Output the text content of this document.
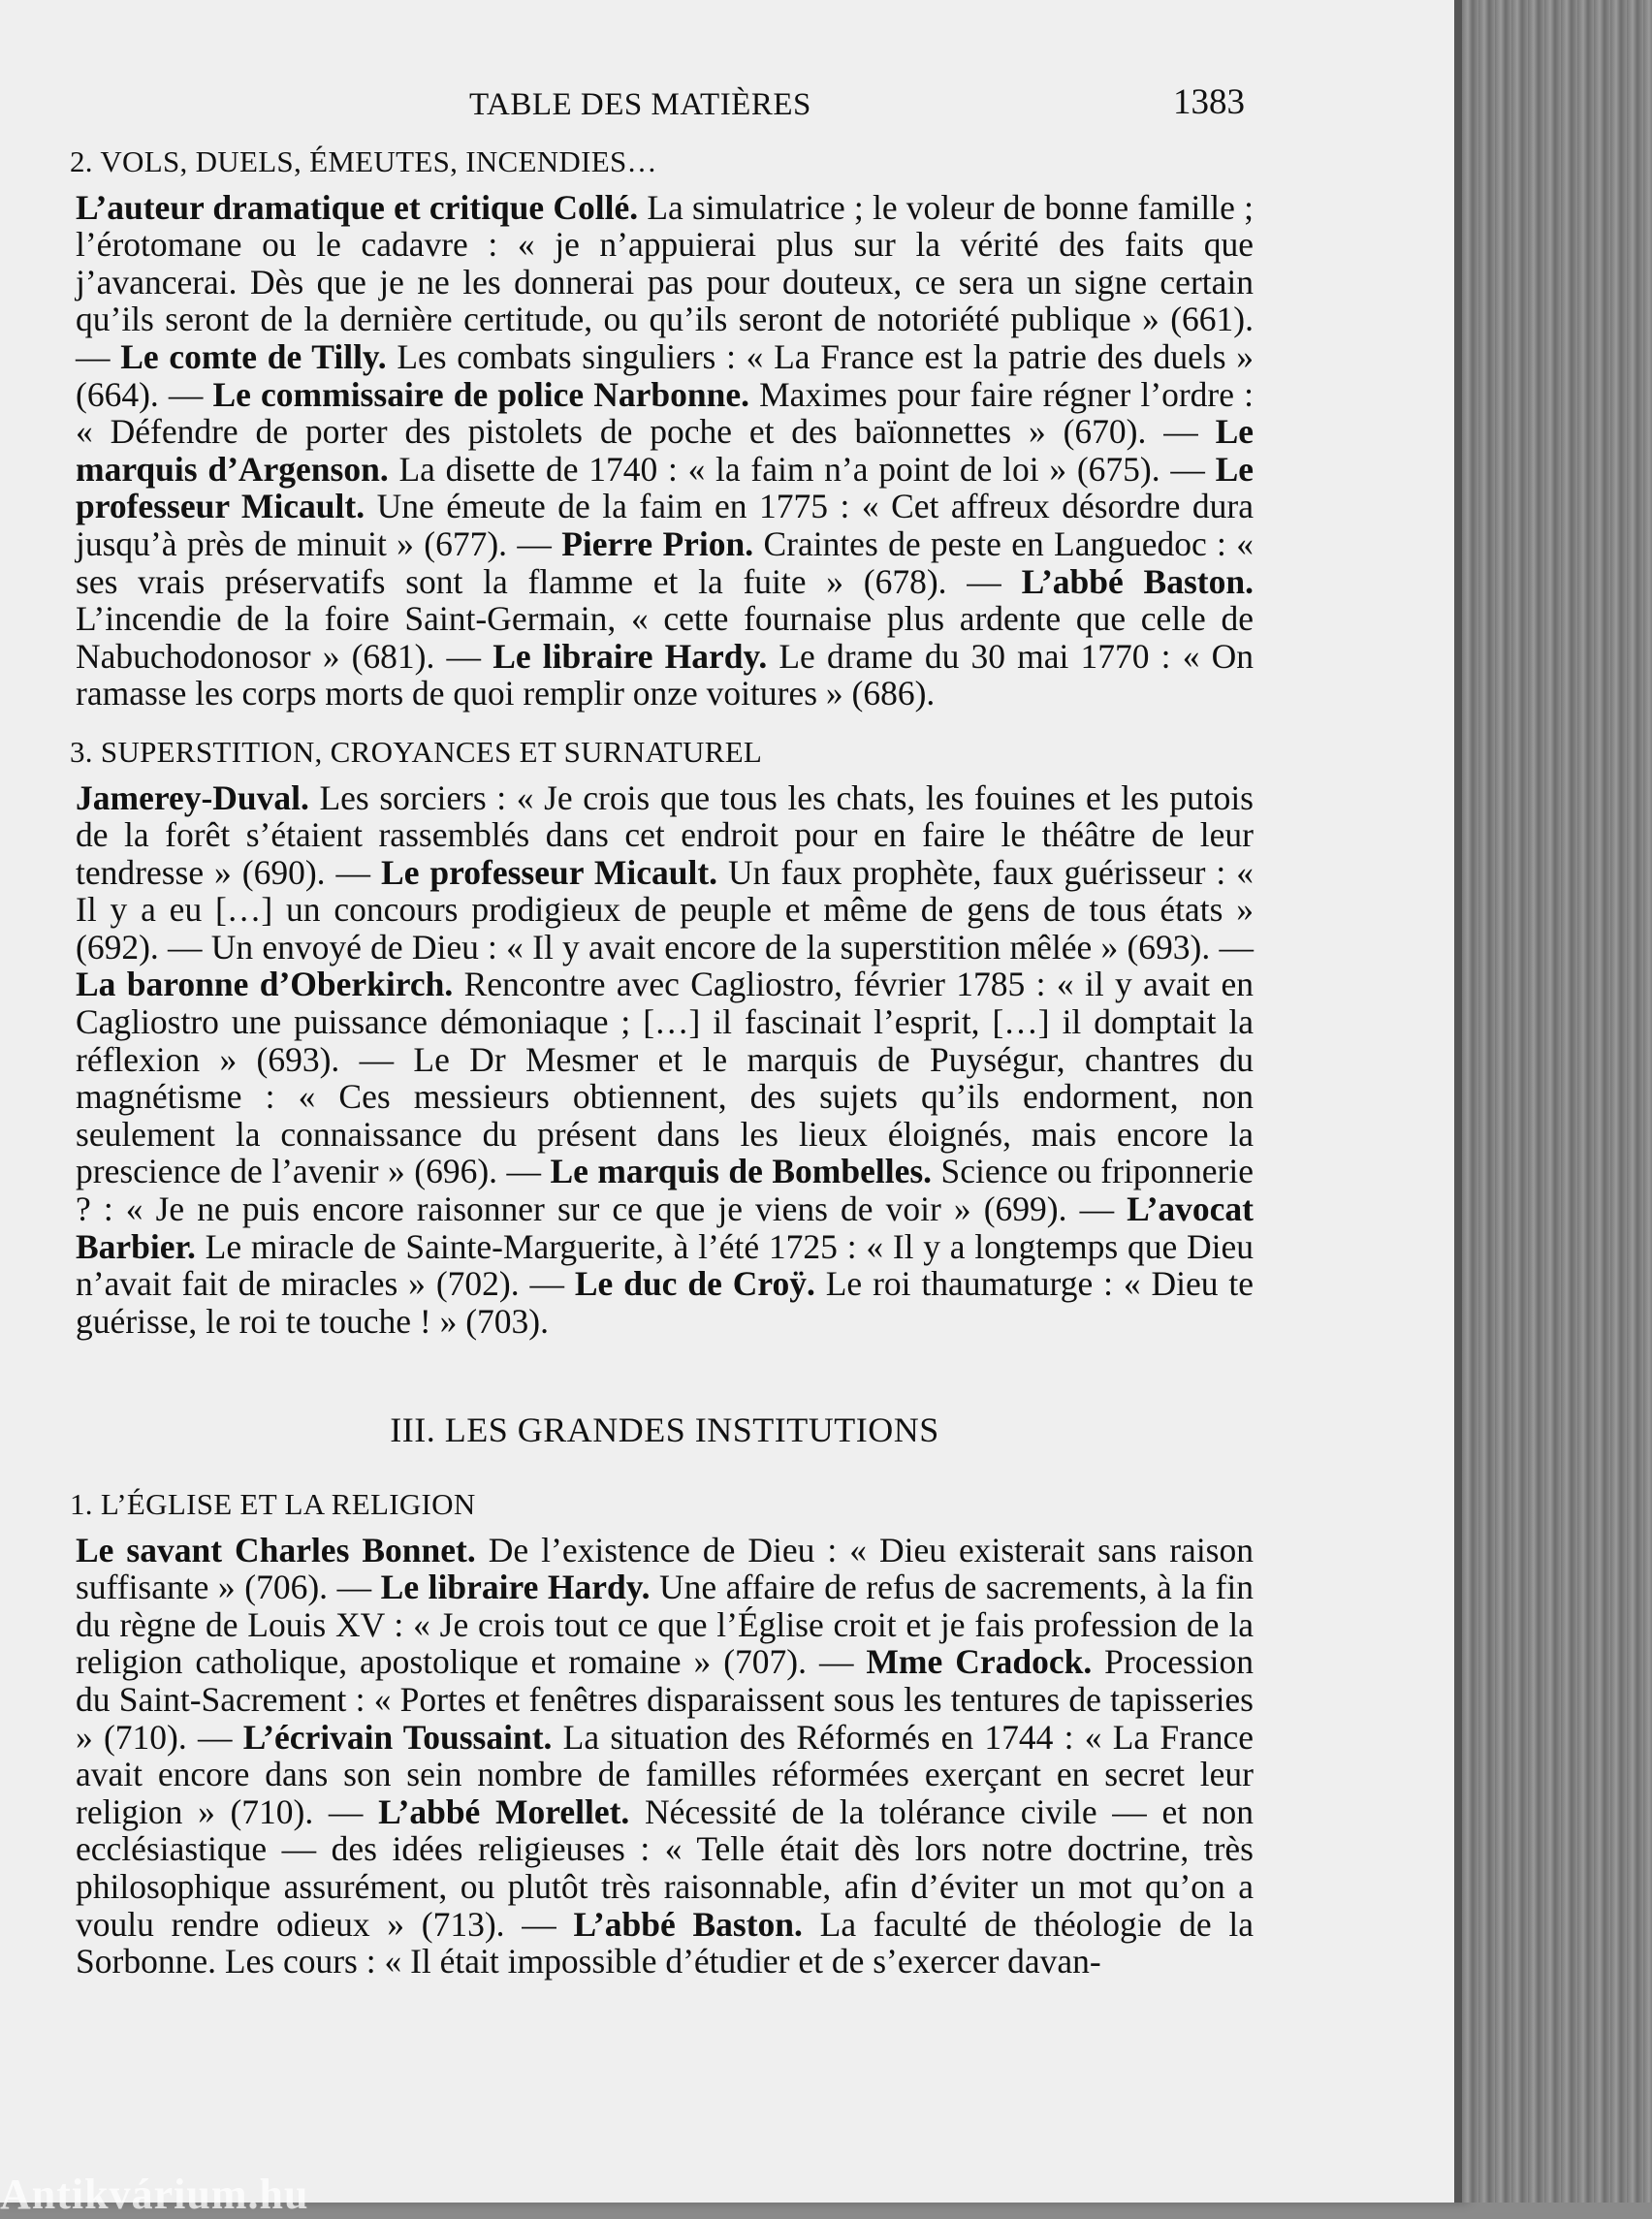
TABLE DES MATIÈRES	1383
2. VOLS, DUELS, ÉMEUTES, INCENDIES…

L’auteur dramatique et critique Collé. La simulatrice ; le voleur de bonne famille ; l’érotomane ou le cadavre : « je n’appuierai plus sur la vérité des faits que j’avancerai. Dès que je ne les donnerai pas pour douteux, ce sera un signe certain qu’ils seront de la dernière certitude, ou qu’ils seront de notoriété publique » (661). — Le comte de Tilly. Les combats singuliers : « La France est la patrie des duels » (664). — Le commissaire de police Narbonne. Maximes pour faire régner l’ordre : « Défendre de porter des pistolets de poche et des baïonnettes » (670). — Le marquis d’Argenson. La disette de 1740 : « la faim n’a point de loi » (675). — Le professeur Micault. Une émeute de la faim en 1775 : « Cet affreux désordre dura jusqu’à près de minuit » (677). — Pierre Prion. Craintes de peste en Languedoc : « ses vrais préservatifs sont la flamme et la fuite » (678). — L’abbé Baston. L’incendie de la foire Saint-Germain, « cette fournaise plus ardente que celle de Nabuchodonosor » (681). — Le libraire Hardy. Le drame du 30 mai 1770 : « On ramasse les corps morts de quoi remplir onze voitures » (686).

3. SUPERSTITION, CROYANCES ET SURNATUREL

Jamerey-Duval. Les sorciers : « Je crois que tous les chats, les fouines et les putois de la forêt s’étaient rassemblés dans cet endroit pour en faire le théâtre de leur tendresse » (690). — Le professeur Micault. Un faux prophète, faux guérisseur : « Il y a eu […] un concours prodigieux de peuple et même de gens de tous états » (692). — Un envoyé de Dieu : « Il y avait encore de la superstition mêlée » (693). — La baronne d’Oberkirch. Rencontre avec Cagliostro, février 1785 : « il y avait en Cagliostro une puissance démoniaque ; […] il fascinait l’esprit, […] il domptait la réflexion » (693). — Le Dr Mesmer et le marquis de Puységur, chantres du magnétisme : « Ces messieurs obtiennent, des sujets qu’ils endorment, non seulement la connaissance du présent dans les lieux éloignés, mais encore la prescience de l’avenir » (696). — Le marquis de Bombelles. Science ou friponnerie ? : « Je ne puis encore raisonner sur ce que je viens de voir » (699). — L’avocat Barbier. Le miracle de Sainte-Marguerite, à l’été 1725 : « Il y a longtemps que Dieu n’avait fait de miracles » (702). — Le duc de Croÿ. Le roi thaumaturge : « Dieu te guérisse, le roi te touche ! » (703).

III. LES GRANDES INSTITUTIONS
1. L’ÉGLISE ET LA RELIGION

Le savant Charles Bonnet. De l’existence de Dieu : « Dieu existerait sans raison suffisante » (706). — Le libraire Hardy. Une affaire de refus de sacrements, à la fin du règne de Louis XV : « Je crois tout ce que l’Église croit et je fais profession de la religion catholique, apostolique et romaine » (707). — Mme Cradock. Procession du Saint-Sacrement : « Portes et fenêtres disparaissent sous les tentures de tapisseries » (710). — L’écrivain Toussaint. La situation des Réformés en 1744 : « La France avait encore dans son sein nombre de familles réformées exerçant en secret leur religion » (710). — L’abbé Morellet. Nécessité de la tolérance civile — et non ecclésiastique — des idées religieuses : « Telle était dès lors notre doctrine, très philosophique assurément, ou plutôt très raisonnable, afin d’éviter un mot qu’on a voulu rendre odieux » (713). — L’abbé Baston. La faculté de théologie de la Sorbonne. Les cours : « Il était impossible d’étudier et de s’exercer davan-

Antikvárium.hu
